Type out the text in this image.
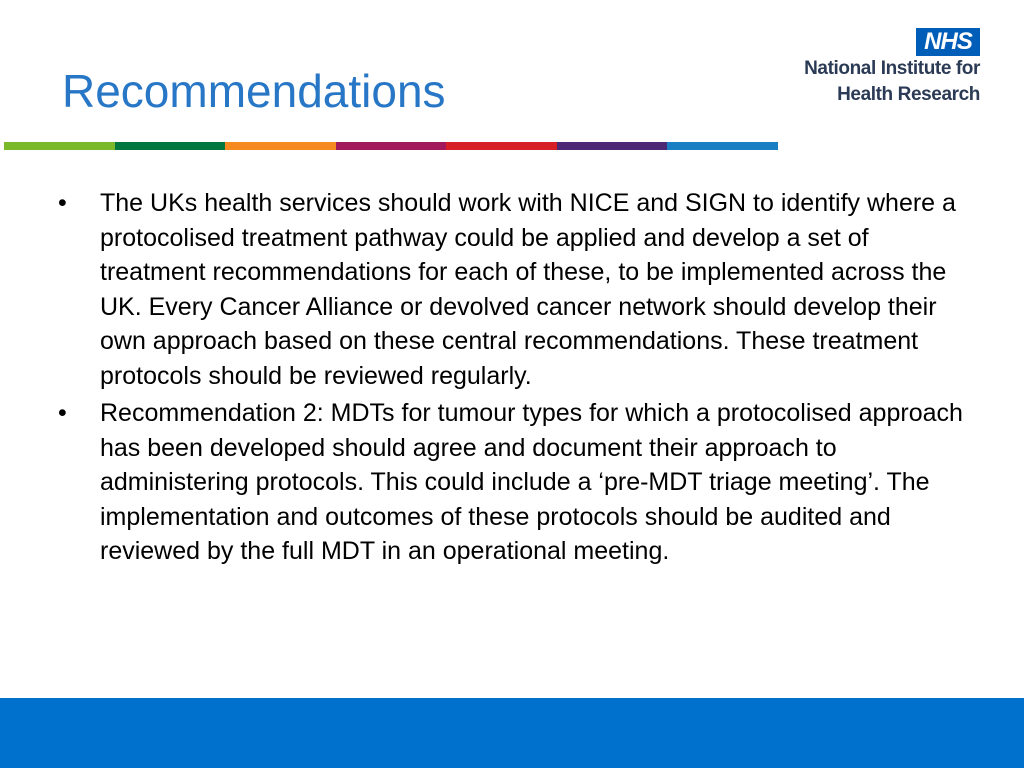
Recommendations
NHS
National Institute for
Health Research
• The UKs health services should work with NICE and SIGN to identify where a protocolised treatment pathway could be applied and develop a set of treatment recommendations for each of these, to be implemented across the UK. Every Cancer Alliance or devolved cancer network should develop their own approach based on these central recommendations. These treatment protocols should be reviewed regularly.
• Recommendation 2: MDTs for tumour types for which a protocolised approach has been developed should agree and document their approach to administering protocols. This could include a ‘pre-MDT triage meeting’. The implementation and outcomes of these protocols should be audited and reviewed by the full MDT in an operational meeting.
